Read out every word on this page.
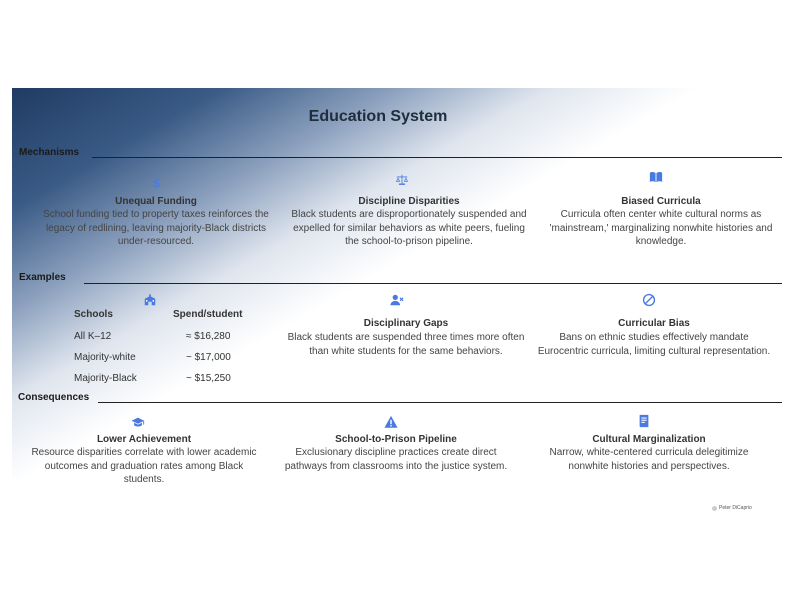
Education System
Mechanisms
$
Unequal Funding
School funding tied to property taxes reinforces the legacy of redlining, leaving majority-Black districts under-resourced.
Discipline Disparities
Black students are disproportionately suspended and expelled for similar behaviors as white peers, fueling the school-to-prison pipeline.
Biased Curricula
Curricula often center white cultural norms as 'mainstream,' marginalizing nonwhite histories and knowledge.
Examples
Schools	Spend/student
All K–12	≈ $16,280
Majority-white	~ $17,000
Majority-Black	~ $15,250
Disciplinary Gaps
Black students are suspended three times more often than white students for the same behaviors.
Curricular Bias
Bans on ethnic studies effectively mandate Eurocentric curricula, limiting cultural representation.
Consequences
Lower Achievement
Resource disparities correlate with lower academic outcomes and graduation rates among Black students.
School-to-Prison Pipeline
Exclusionary discipline practices create direct pathways from classrooms into the justice system.
Cultural Marginalization
Narrow, white-centered curricula delegitimize nonwhite histories and perspectives.
Peter DiCaprio
